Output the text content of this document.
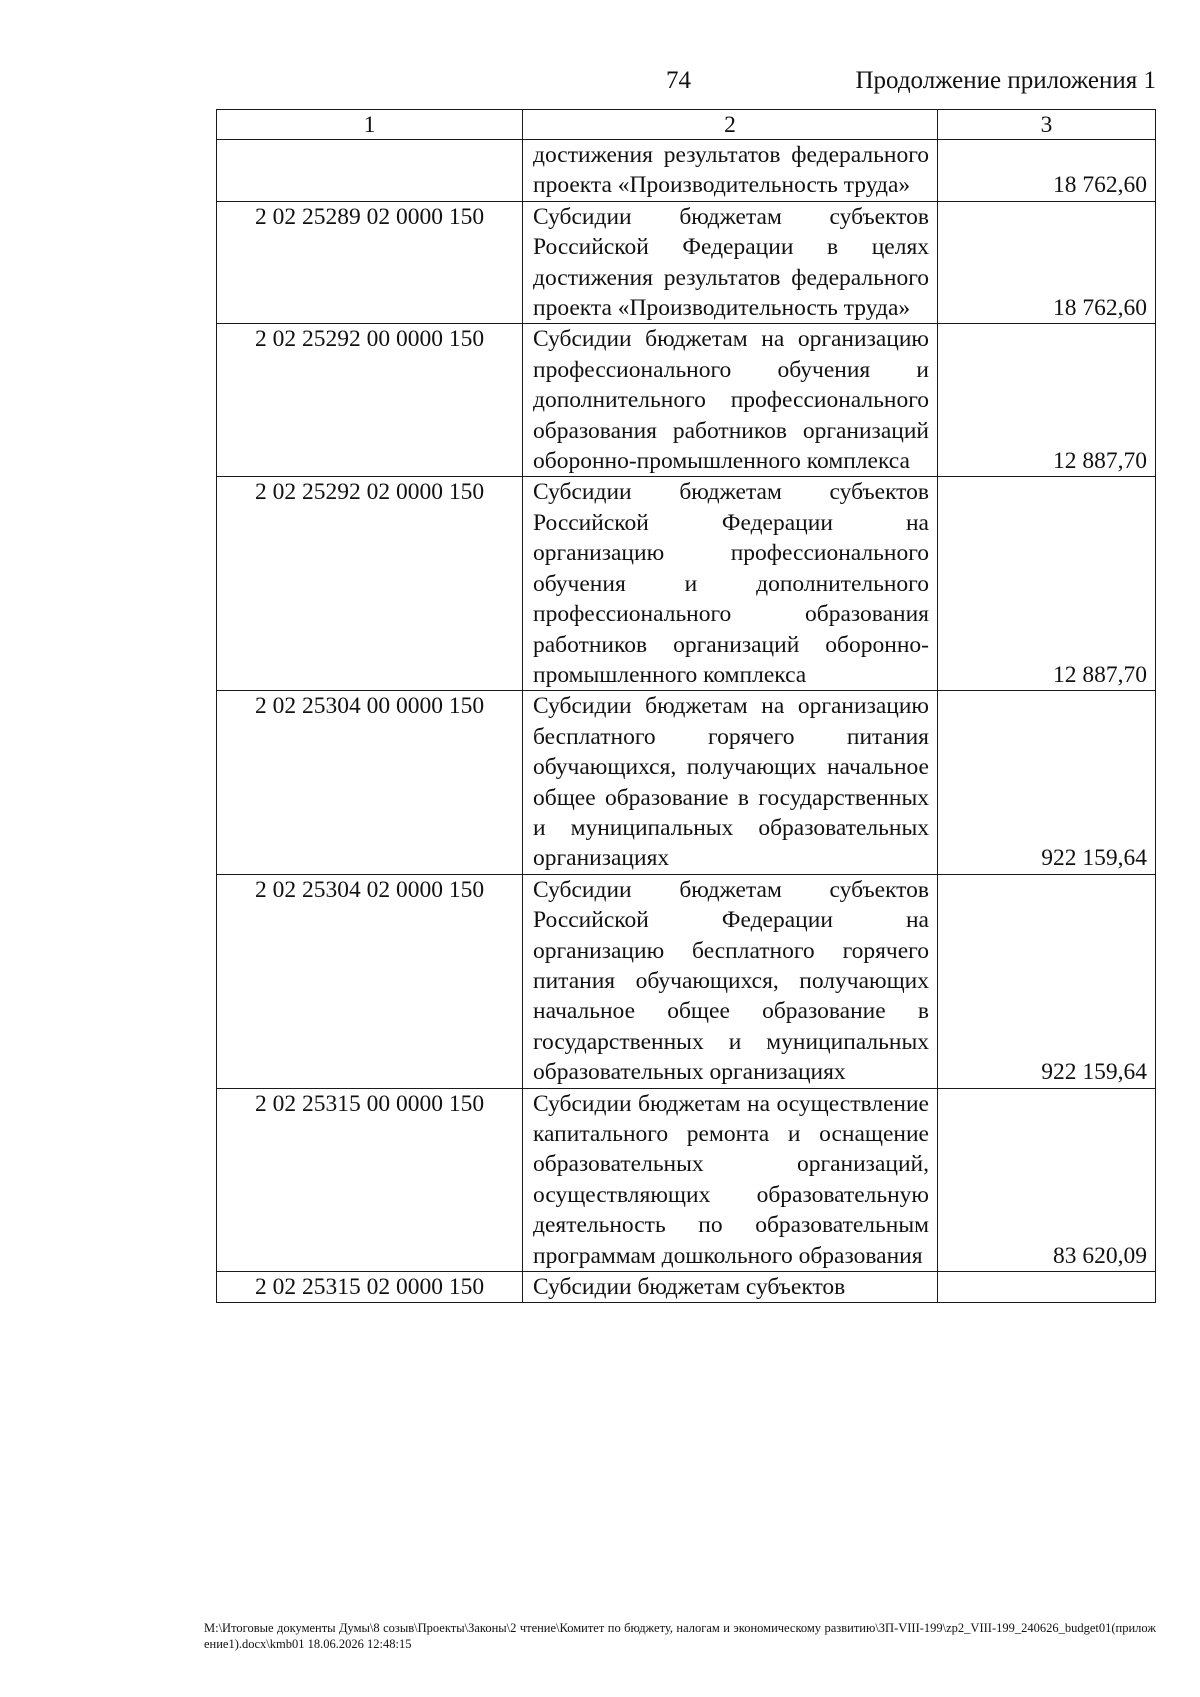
74	Продолжение приложения 1
1	2	3
	достижения результатов федерального проекта «Производительность труда»	18 762,60
2 02 25289 02 0000 150	Субсидии бюджетам субъектов Российской Федерации в целях достижения результатов федерального проекта «Производительность труда»	18 762,60
2 02 25292 00 0000 150	Субсидии бюджетам на организацию профессионального обучения и дополнительного профессионального образования работников организаций оборонно-промышленного комплекса	12 887,70
2 02 25292 02 0000 150	Субсидии бюджетам субъектов Российской Федерации на организацию профессионального обучения и дополнительного профессионального образования работников организаций оборонно-промышленного комплекса	12 887,70
2 02 25304 00 0000 150	Субсидии бюджетам на организацию бесплатного горячего питания обучающихся, получающих начальное общее образование в государственных и муниципальных образовательных организациях	922 159,64
2 02 25304 02 0000 150	Субсидии бюджетам субъектов Российской Федерации на организацию бесплатного горячего питания обучающихся, получающих начальное общее образование в государственных и муниципальных образовательных организациях	922 159,64
2 02 25315 00 0000 150	Субсидии бюджетам на осуществление капитального ремонта и оснащение образовательных организаций, осуществляющих образовательную деятельность по образовательным программам дошкольного образования	83 620,09
2 02 25315 02 0000 150	Субсидии бюджетам субъектов	
M:\Итоговые документы Думы\8 созыв\Проекты\Законы\2 чтение\Комитет по бюджету, налогам и экономическому развитию\ЗП-VIII-199\zp2_VIII-199_240626_budget01(приложение1).docx\kmb01 18.06.2026 12:48:15
